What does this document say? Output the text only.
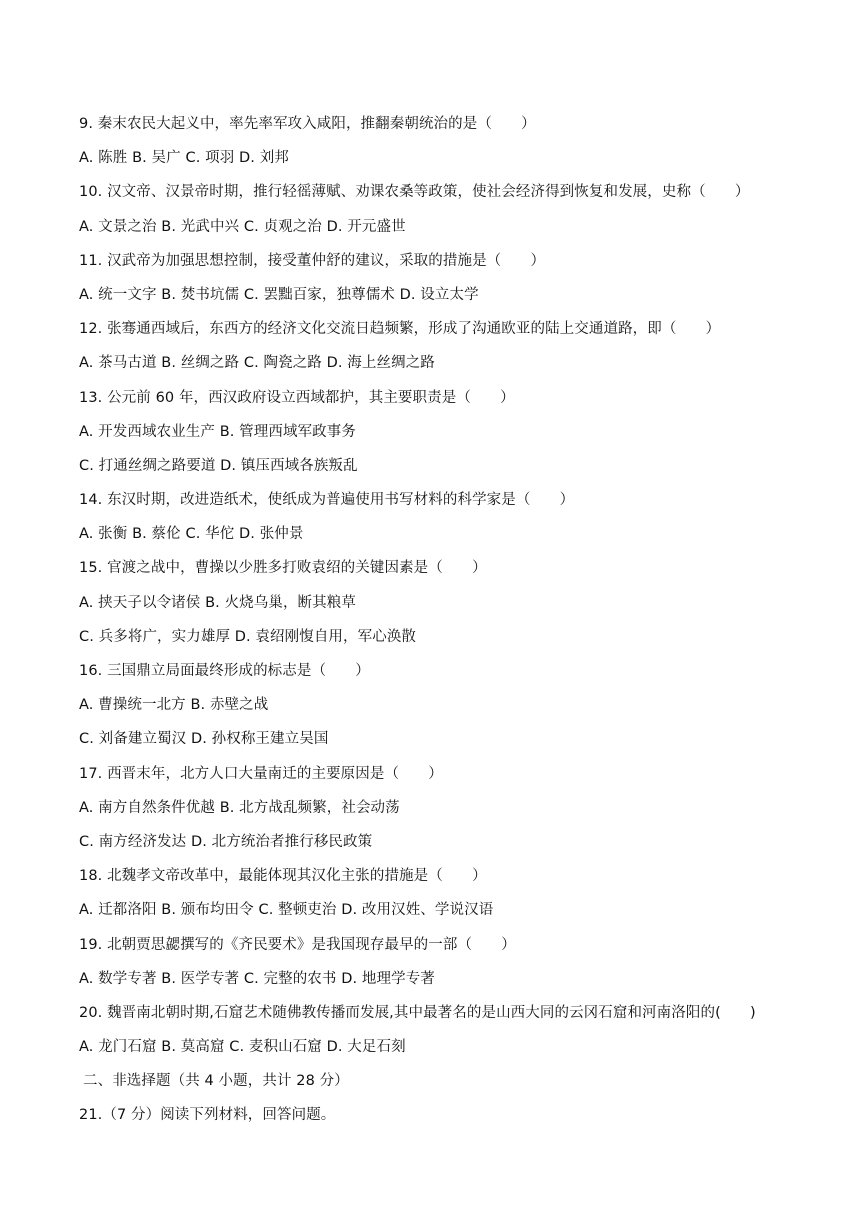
9. 秦末农民大起义中，率先率军攻入咸阳，推翻秦朝统治的是（　　）
A. 陈胜 B. 吴广 C. 项羽 D. 刘邦
10. 汉文帝、汉景帝时期，推行轻徭薄赋、劝课农桑等政策，使社会经济得到恢复和发展，史称（　　）
A. 文景之治 B. 光武中兴 C. 贞观之治 D. 开元盛世
11. 汉武帝为加强思想控制，接受董仲舒的建议，采取的措施是（　　）
A. 统一文字 B. 焚书坑儒 C. 罢黜百家，独尊儒术 D. 设立太学
12. 张骞通西域后，东西方的经济文化交流日趋频繁，形成了沟通欧亚的陆上交通道路，即（　　）
A. 茶马古道 B. 丝绸之路 C. 陶瓷之路 D. 海上丝绸之路
13. 公元前 60 年，西汉政府设立西域都护，其主要职责是（　　）
A. 开发西域农业生产 B. 管理西域军政事务
C. 打通丝绸之路要道 D. 镇压西域各族叛乱
14. 东汉时期，改进造纸术，使纸成为普遍使用书写材料的科学家是（　　）
A. 张衡 B. 蔡伦 C. 华佗 D. 张仲景
15. 官渡之战中，曹操以少胜多打败袁绍的关键因素是（　　）
A. 挟天子以令诸侯 B. 火烧乌巢，断其粮草
C. 兵多将广，实力雄厚 D. 袁绍刚愎自用，军心涣散
16. 三国鼎立局面最终形成的标志是（　　）
A. 曹操统一北方 B. 赤壁之战
C. 刘备建立蜀汉 D. 孙权称王建立吴国
17. 西晋末年，北方人口大量南迁的主要原因是（　　）
A. 南方自然条件优越 B. 北方战乱频繁，社会动荡
C. 南方经济发达 D. 北方统治者推行移民政策
18. 北魏孝文帝改革中，最能体现其汉化主张的措施是（　　）
A. 迁都洛阳 B. 颁布均田令 C. 整顿吏治 D. 改用汉姓、学说汉语
19. 北朝贾思勰撰写的《齐民要术》是我国现存最早的一部（　　）
A. 数学专著 B. 医学专著 C. 完整的农书 D. 地理学专著
20. 魏晋南北朝时期,石窟艺术随佛教传播而发展,其中最著名的是山西大同的云冈石窟和河南洛阳的(　　)
A. 龙门石窟 B. 莫高窟 C. 麦积山石窟 D. 大足石刻
二、非选择题（共 4 小题，共计 28 分）
21.（7 分）阅读下列材料，回答问题。
